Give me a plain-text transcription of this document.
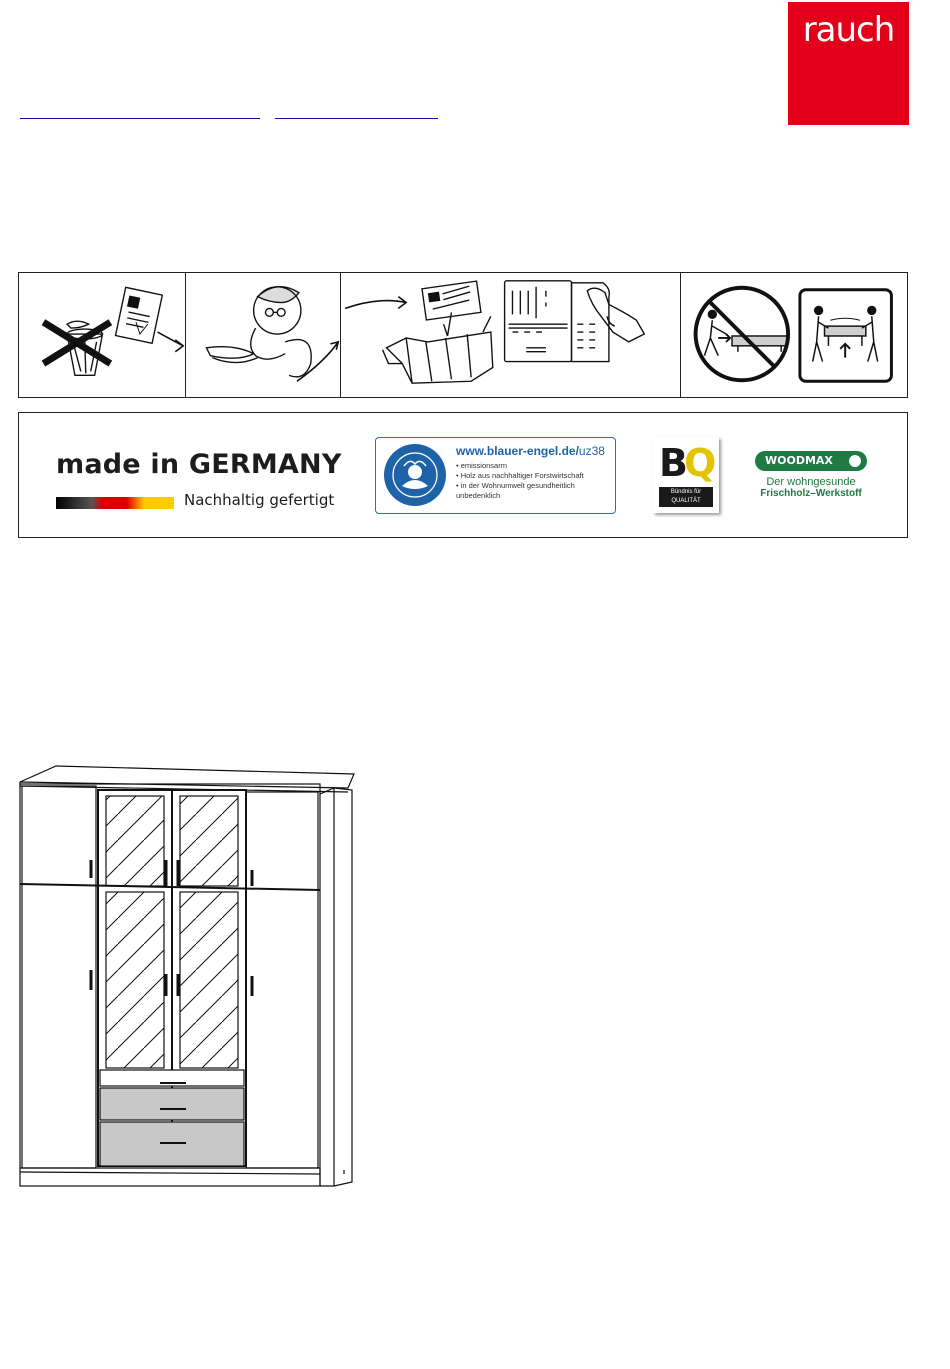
rauch
made in GERMANY
Nachhaltig gefertigt
www.blauer-engel.de/uz38
• emissionsarm
• Holz aus nachhaltiger Forstwirtschaft
• in der Wohnumwelt gesundheitlich unbedenklich
BQ
Bündnis für
QUALITÄT
WOODMAX
Der wohngesunde
Frischholz–Werkstoff
